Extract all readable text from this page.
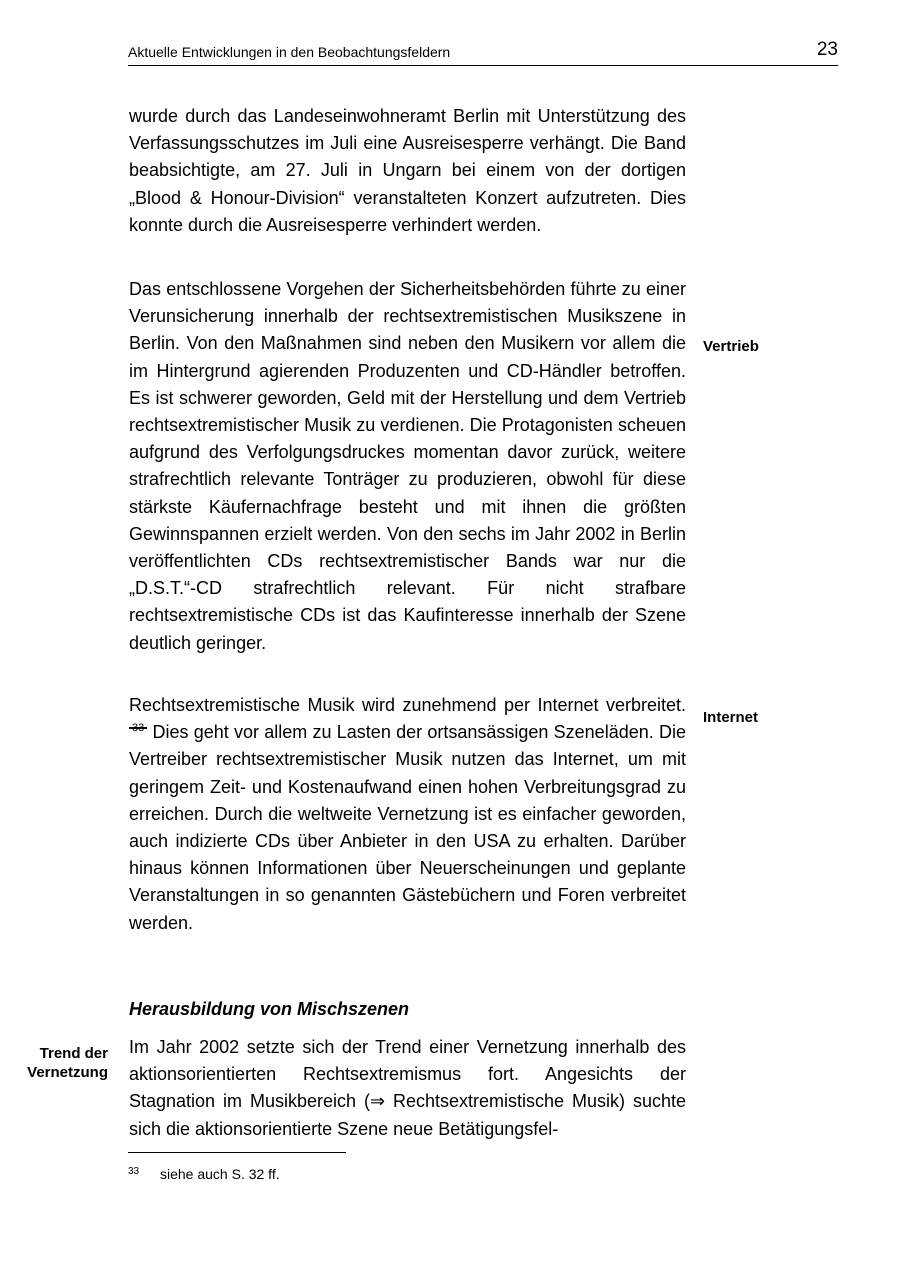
Aktuelle Entwicklungen in den Beobachtungsfeldern	23

wurde durch das Landeseinwohneramt Berlin mit Unterstützung des Verfassungsschutzes im Juli eine Ausreisesperre verhängt. Die Band beabsichtigte, am 27. Juli in Ungarn bei einem von der dortigen „Blood & Honour-Division“ veranstalteten Konzert aufzutreten. Dies konnte durch die Ausreisesperre verhindert werden.

Das entschlossene Vorgehen der Sicherheitsbehörden führte zu einer Verunsicherung innerhalb der rechtsextremistischen Musikszene in Berlin. Von den Maßnahmen sind neben den Musikern vor allem die im Hintergrund agierenden Produzenten und CD-Händler betroffen. Es ist schwerer geworden, Geld mit der Herstellung und dem Vertrieb rechtsextremistischer Musik zu verdienen. Die Protagonisten scheuen aufgrund des Verfolgungsdruckes momentan davor zurück, weitere strafrechtlich relevante Tonträger zu produzieren, obwohl für diese stärkste Käufernachfrage besteht und mit ihnen die größten Gewinnspannen erzielt werden. Von den sechs im Jahr 2002 in Berlin veröffentlichten CDs rechtsextremistischer Bands war nur die „D.S.T.“-CD strafrechtlich relevant. Für nicht strafbare rechtsextremistische CDs ist das Kaufinteresse innerhalb der Szene deutlich geringer.

Vertrieb

Rechtsextremistische Musik wird zunehmend per Internet verbreitet.$^{33}$ Dies geht vor allem zu Lasten der ortsansässigen Szeneläden. Die Vertreiber rechtsextremistischer Musik nutzen das Internet, um mit geringem Zeit- und Kostenaufwand einen hohen Verbreitungsgrad zu erreichen. Durch die weltweite Vernetzung ist es einfacher geworden, auch indizierte CDs über Anbieter in den USA zu erhalten. Darüber hinaus können Informationen über Neuerscheinungen und geplante Veranstaltungen in so genannten Gästebüchern und Foren verbreitet werden.

Internet
Herausbildung von Mischszenen
Trend der
Vernetzung

Im Jahr 2002 setzte sich der Trend einer Vernetzung innerhalb des aktionsorientierten Rechtsextremismus fort. Angesichts der Stagnation im Musikbereich (⇒ Rechtsextremistische Musik) suchte sich die aktionsorientierte Szene neue Betätigungsfel-

33 siehe auch S. 32 ff.
